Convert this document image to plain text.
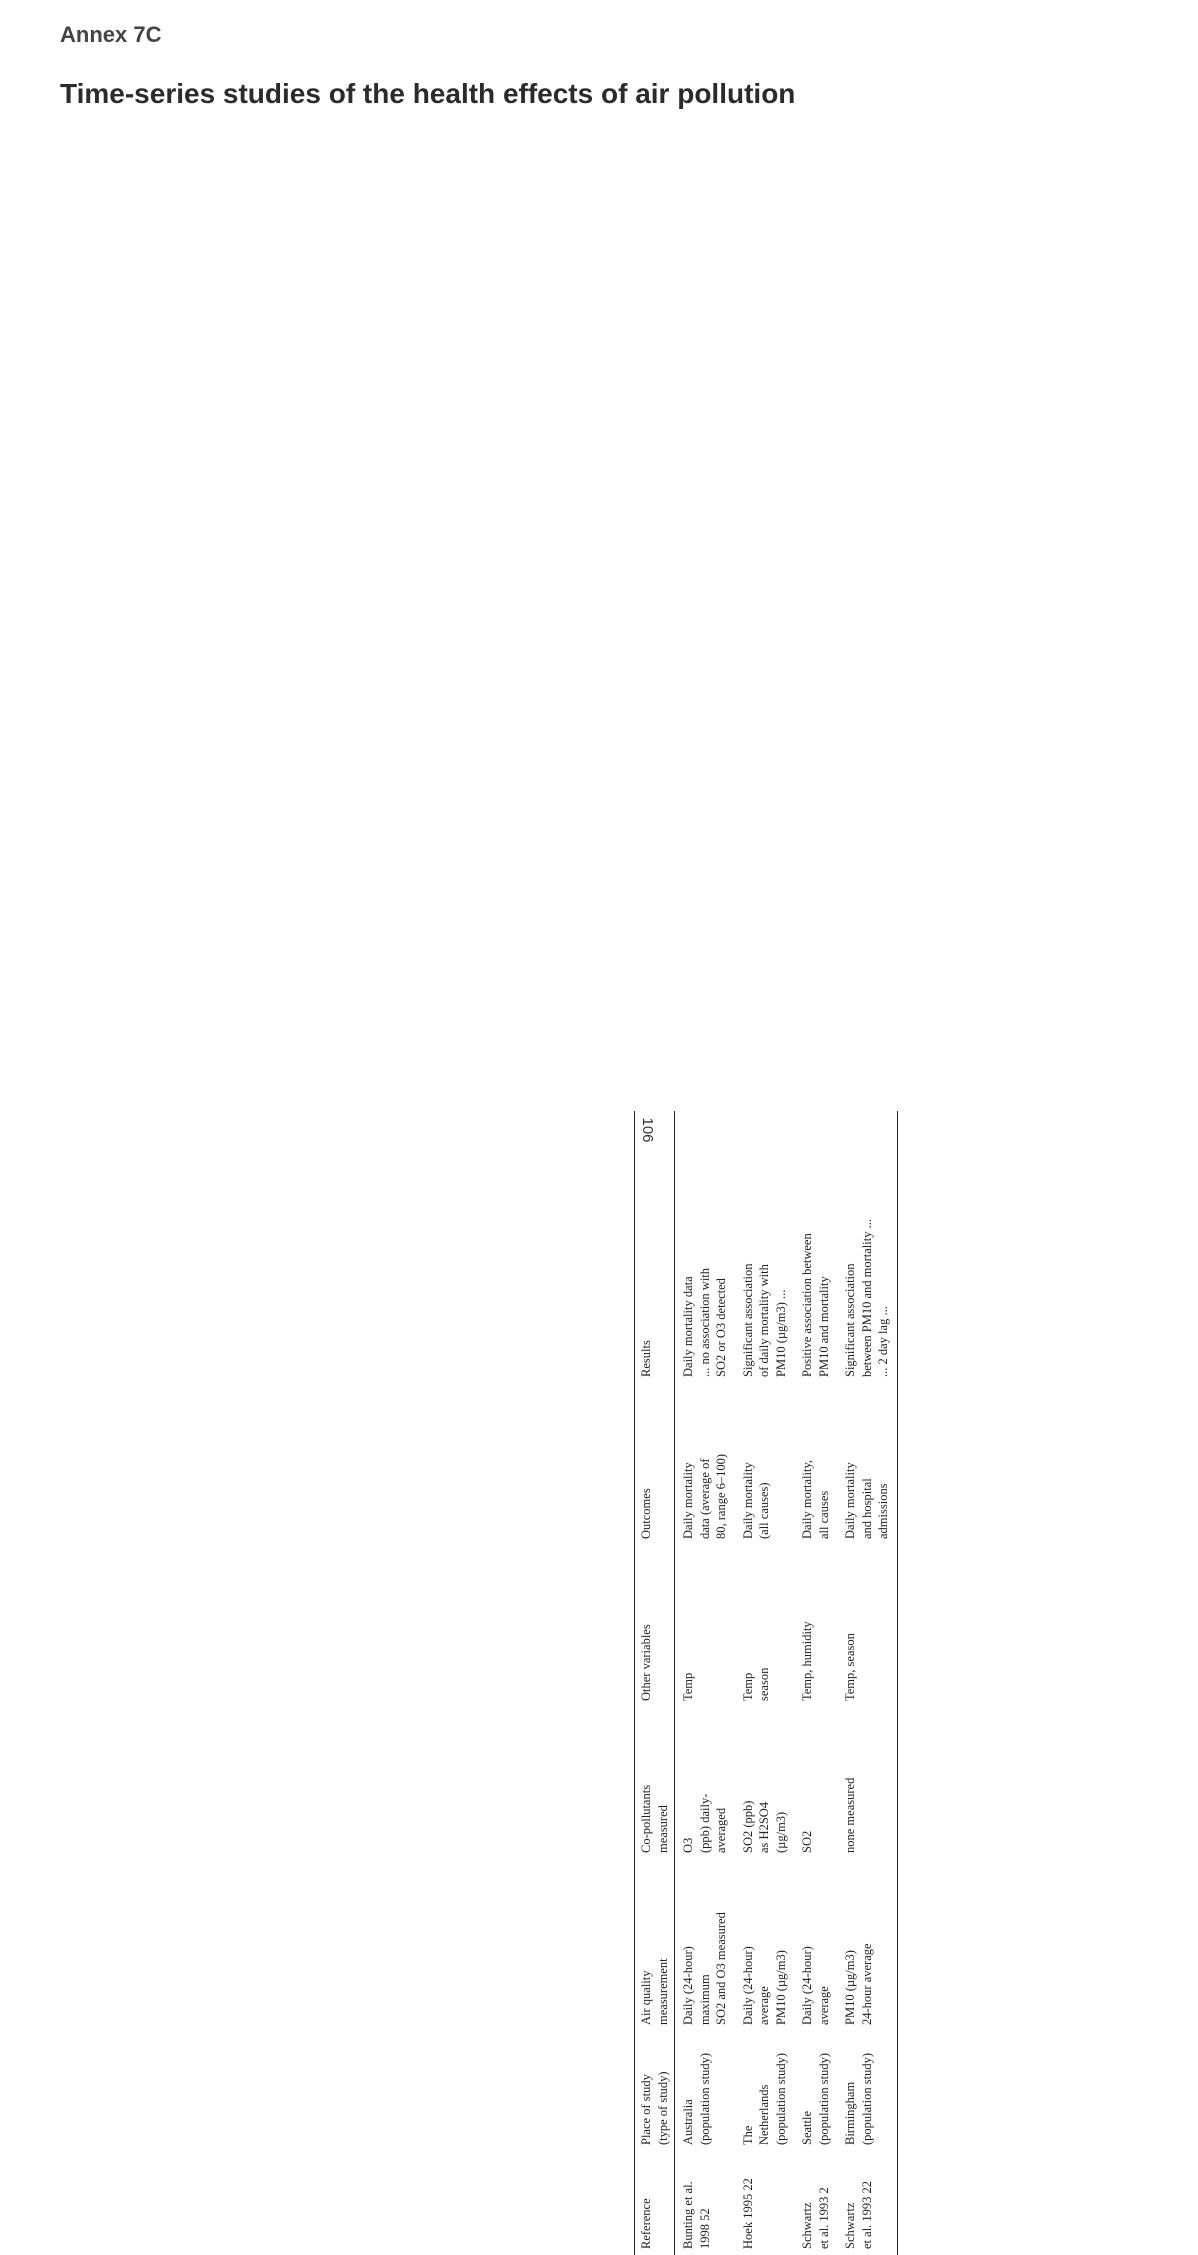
Annex 7C
Time-series studies of the health effects of air pollution
106
Reference	Place of study (type of study)	Air quality measurement	Co-pollutants measured	Other variables	Outcomes	Results

Bunting et al. 1998 52	Australia (population study)	Daily (24-hour) maximum SO2 and O3 measured	O3 (ppb) daily- averaged	Temp	Daily mortality data (average of 80, range 6–100)	Daily mortality data ... no association with SO2 or O3 detected

Hoek 1995 22	The Netherlands (population study)	Daily (24-hour) average PM10 (µg/m3)	SO2 (ppb) as H2SO4 (µg/m3)	Temp season	Daily mortality (all causes)	Significant association of daily mortality with PM10 (µg/m3) ...

Schwartz et al. 1993 2	Seattle (population study)	Daily (24-hour) average	SO2	Temp, humidity	Daily mortality, all causes	Positive association between PM10 and mortality

Schwartz et al. 1993 22	Birmingham (population study)	PM10 (µg/m3) 24-hour average	none measured	Temp, season	Daily mortality and hospital admissions	Significant association between PM10 and mortality ... ... 2 day lag ...
